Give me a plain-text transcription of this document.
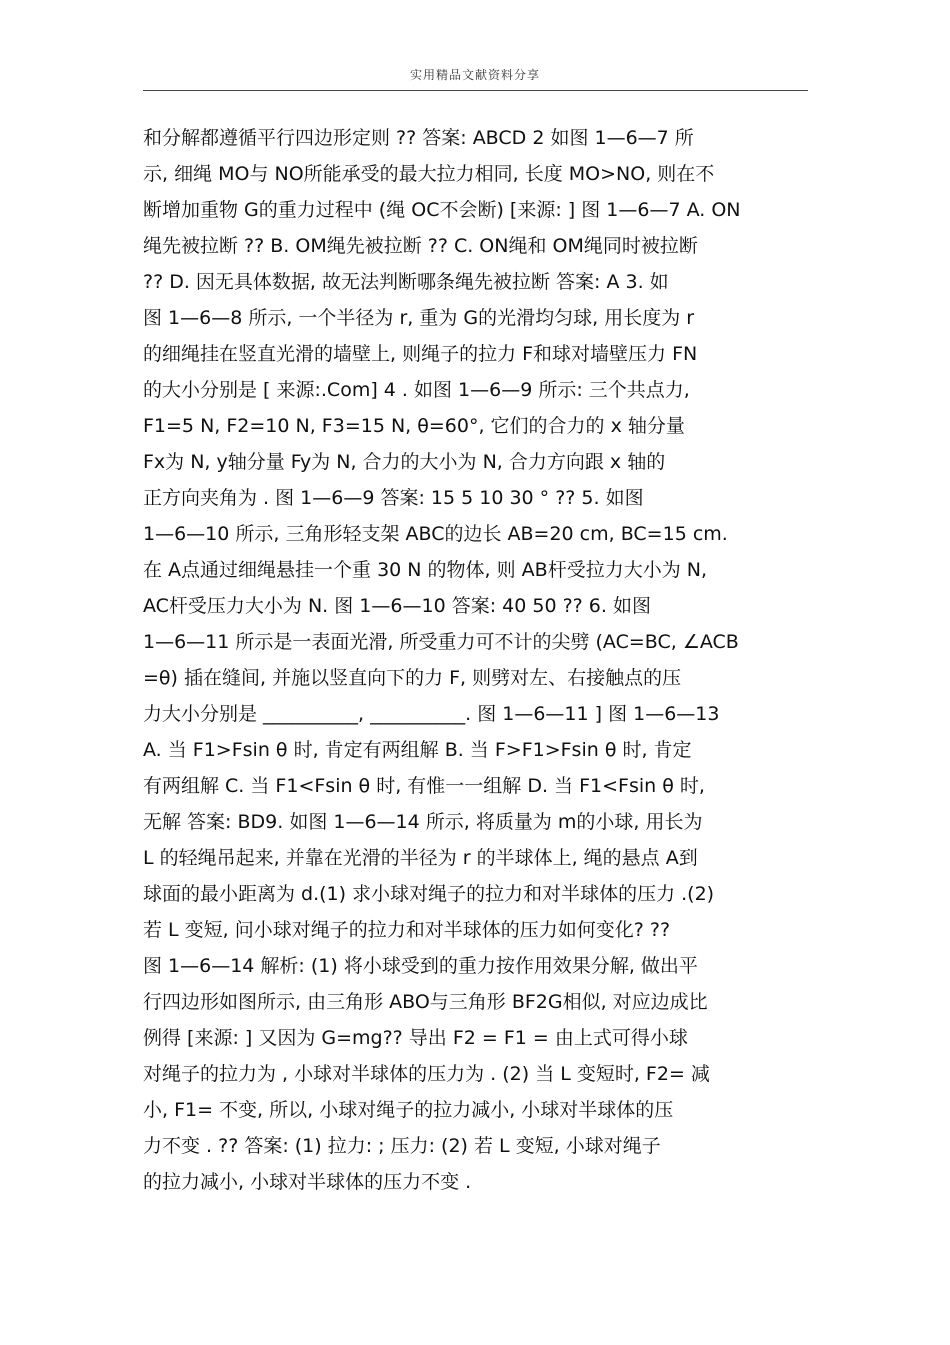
实用精品文献资料分享
和分解都遵循平行四边形定则 ?? 答案: ABCD 2 如图 1—6—7 所
示, 细绳 MO与 NO所能承受的最大拉力相同, 长度 MO>NO, 则在不
断增加重物 G的重力过程中 (绳 OC不会断) [来源: ] 图 1—6—7 A. ON
绳先被拉断 ?? B. OM绳先被拉断 ?? C. ON绳和 OM绳同时被拉断
?? D. 因无具体数据, 故无法判断哪条绳先被拉断 答案: A 3. 如
图 1—6—8 所示, 一个半径为 r, 重为 G的光滑均匀球, 用长度为 r
的细绳挂在竖直光滑的墙壁上, 则绳子的拉力 F和球对墙壁压力 FN
的大小分别是 [ 来源:.Com] 4 . 如图 1—6—9 所示: 三个共点力,
F1=5 N, F2=10 N, F3=15 N, θ=60°, 它们的合力的 x 轴分量
Fx为 N, y轴分量 Fy为 N, 合力的大小为 N, 合力方向跟 x 轴的
正方向夹角为 . 图 1—6—9 答案: 15 5 10 30 ° ?? 5. 如图
1—6—10 所示, 三角形轻支架 ABC的边长 AB=20 cm, BC=15 cm.
在 A点通过细绳悬挂一个重 30 N 的物体, 则 AB杆受拉力大小为 N,
AC杆受压力大小为 N. 图 1—6—10 答案: 40 50 ?? 6. 如图
1—6—11 所示是一表面光滑, 所受重力可不计的尖劈 (AC=BC, ∠ACB
=θ) 插在缝间, 并施以竖直向下的力 F, 则劈对左、右接触点的压
力大小分别是 __________, __________. 图 1—6—11 ] 图 1—6—13
A. 当 F1>Fsin θ 时, 肯定有两组解 B. 当 F>F1>Fsin θ 时, 肯定
有两组解 C. 当 F1<Fsin θ 时, 有惟一一组解 D. 当 F1<Fsin θ 时,
无解 答案: BD9. 如图 1—6—14 所示, 将质量为 m的小球, 用长为
L 的轻绳吊起来, 并靠在光滑的半径为 r 的半球体上, 绳的悬点 A到
球面的最小距离为 d.(1) 求小球对绳子的拉力和对半球体的压力 .(2)
若 L 变短, 问小球对绳子的拉力和对半球体的压力如何变化? ??
图 1—6—14 解析: (1) 将小球受到的重力按作用效果分解, 做出平
行四边形如图所示, 由三角形 ABO与三角形 BF2G相似, 对应边成比
例得 [来源: ] 又因为 G=mg?? 导出 F2 = F1 = 由上式可得小球
对绳子的拉力为 , 小球对半球体的压力为 . (2) 当 L 变短时, F2= 减
小, F1= 不变, 所以, 小球对绳子的拉力减小, 小球对半球体的压
力不变 . ?? 答案: (1) 拉力: ; 压力: (2) 若 L 变短, 小球对绳子
的拉力减小, 小球对半球体的压力不变 .
